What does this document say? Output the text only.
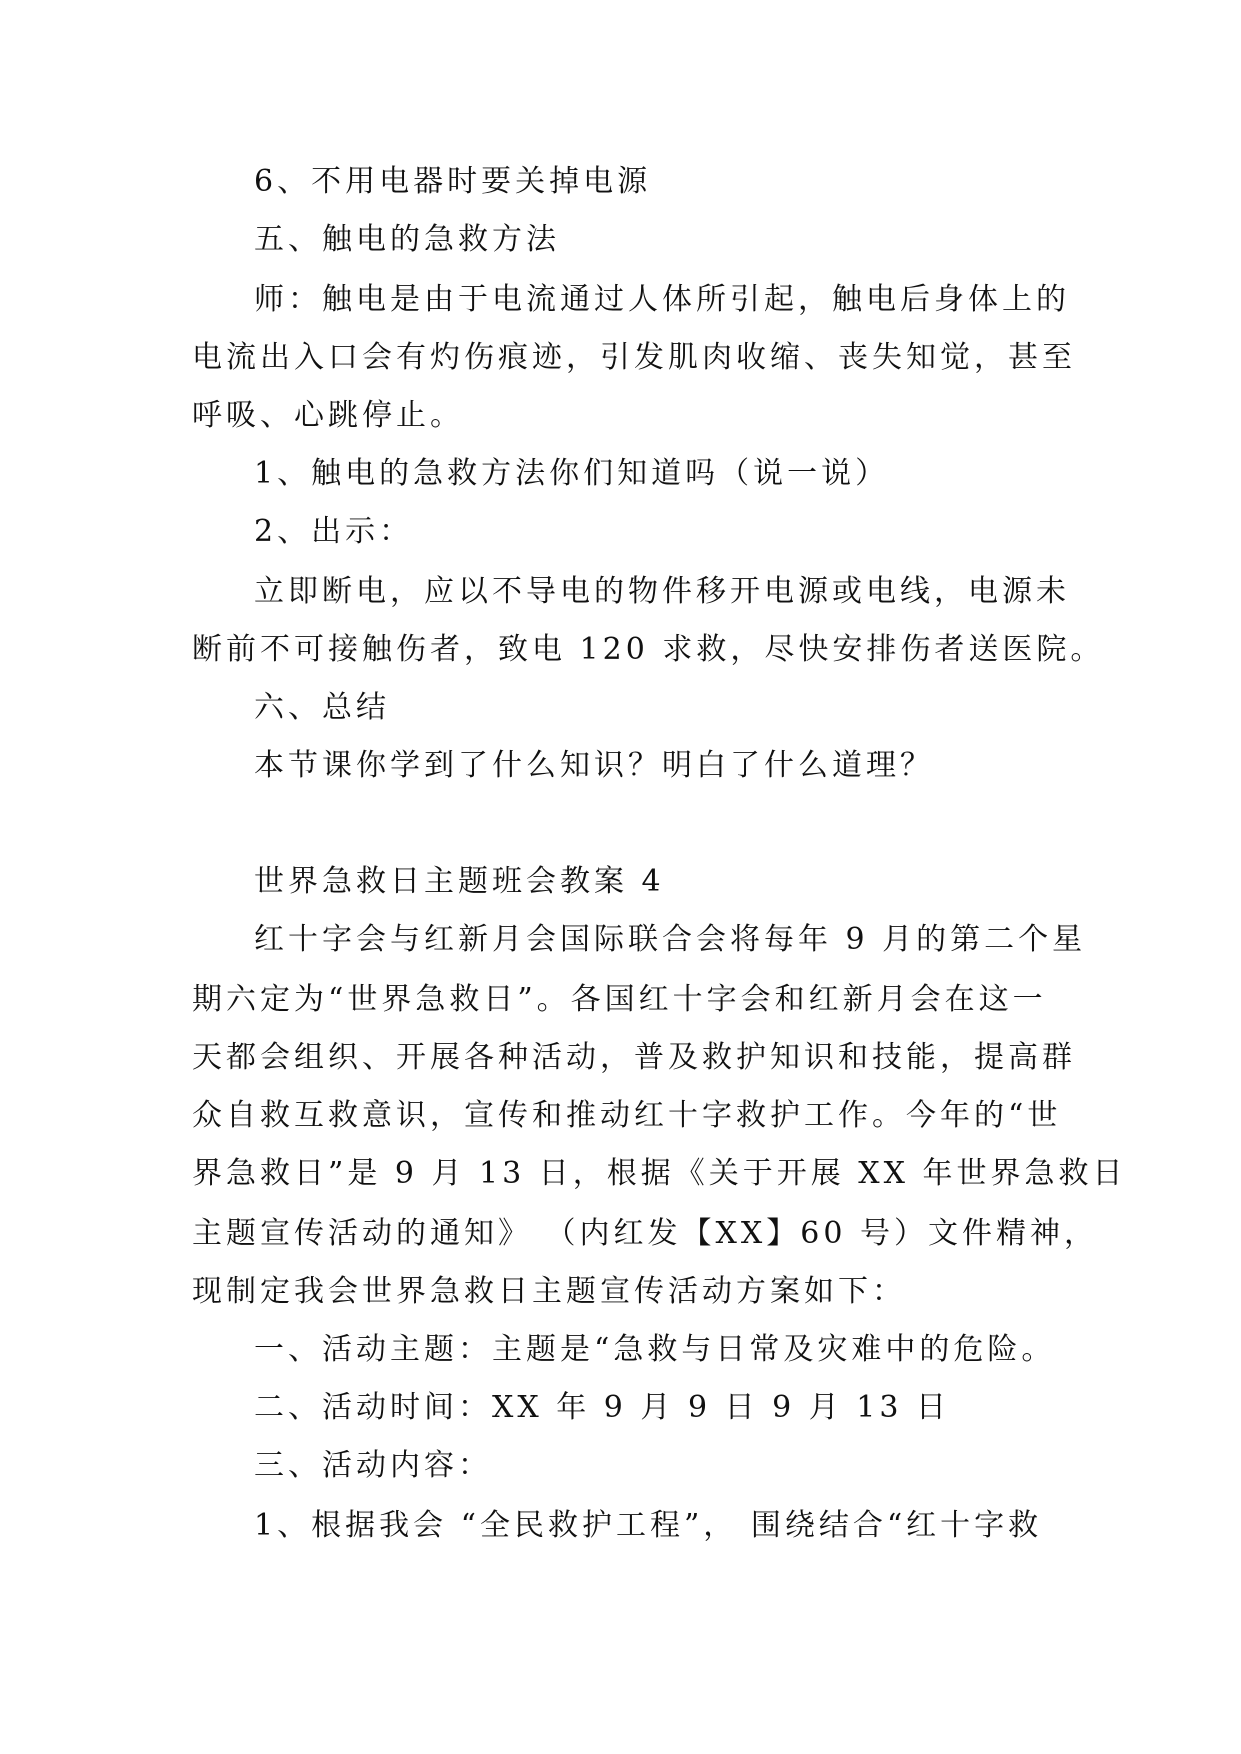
6、不用电器时要关掉电源
五、触电的急救方法
师：触电是由于电流通过人体所引起，触电后身体上的
电流出入口会有灼伤痕迹，引发肌肉收缩、丧失知觉，甚至
呼吸、心跳停止。
1、触电的急救方法你们知道吗（说一说）
2、出示：
立即断电，应以不导电的物件移开电源或电线，电源未
断前不可接触伤者，致电 120 求救，尽快安排伤者送医院。
六、总结
本节课你学到了什么知识？明白了什么道理？
世界急救日主题班会教案 4
红十字会与红新月会国际联合会将每年 9 月的第二个星
期六定为“世界急救日”。各国红十字会和红新月会在这一
天都会组织、开展各种活动，普及救护知识和技能，提高群
众自救互救意识，宣传和推动红十字救护工作。今年的“世
界急救日”是 9 月 13 日，根据《关于开展 XX 年世界急救日
主题宣传活动的通知》 （内红发【XX】60 号）文件精神，
现制定我会世界急救日主题宣传活动方案如下：
一、活动主题：主题是“急救与日常及灾难中的危险。
二、活动时间：XX 年 9 月 9 日 9 月 13 日
三、活动内容：
1、根据我会 “全民救护工程”， 围绕结合“红十字救
